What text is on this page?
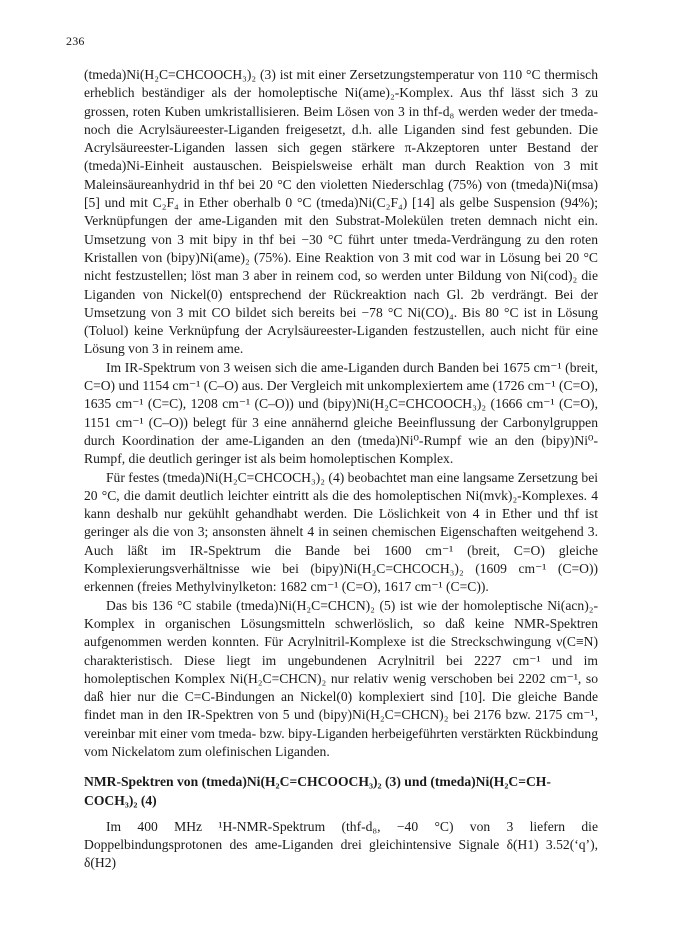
236

(tmeda)Ni(H₂C=CHCOOCH₃)₂ (3) ist mit einer Zersetzungstemperatur von 110 °C thermisch erheblich beständiger als der homoleptische Ni(ame)₂-Komplex. Aus thf lässt sich 3 zu grossen, roten Kuben umkristallisieren. Beim Lösen von 3 in thf-d₈ werden weder der tmeda- noch die Acrylsäureester-Liganden freigesetzt, d.h. alle Liganden sind fest gebunden. Die Acrylsäureester-Liganden lassen sich gegen stärkere π-Akzeptoren unter Bestand der (tmeda)Ni-Einheit austauschen. Beispielsweise erhält man durch Reaktion von 3 mit Maleinsäureanhydrid in thf bei 20 °C den violetten Niederschlag (75%) von (tmeda)Ni(msa) [5] und mit C₂F₄ in Ether oberhalb 0 °C (tmeda)Ni(C₂F₄) [14] als gelbe Suspension (94%); Verknüpfungen der ame-Liganden mit den Substrat-Molekülen treten demnach nicht ein. Umsetzung von 3 mit bipy in thf bei −30 °C führt unter tmeda-Verdrängung zu den roten Kristallen von (bipy)Ni(ame)₂ (75%). Eine Reaktion von 3 mit cod war in Lösung bei 20 °C nicht festzustellen; löst man 3 aber in reinem cod, so werden unter Bildung von Ni(cod)₂ die Liganden von Nickel(0) entsprechend der Rückreaktion nach Gl. 2b verdrängt. Bei der Umsetzung von 3 mit CO bildet sich bereits bei −78 °C Ni(CO)₄. Bis 80 °C ist in Lösung (Toluol) keine Verknüpfung der Acrylsäureester-Liganden festzustellen, auch nicht für eine Lösung von 3 in reinem ame.

Im IR-Spektrum von 3 weisen sich die ame-Liganden durch Banden bei 1675 cm⁻¹ (breit, C=O) und 1154 cm⁻¹ (C–O) aus. Der Vergleich mit unkomplexiertem ame (1726 cm⁻¹ (C=O), 1635 cm⁻¹ (C=C), 1208 cm⁻¹ (C–O)) und (bipy)Ni(H₂C=CHCOOCH₃)₂ (1666 cm⁻¹ (C=O), 1151 cm⁻¹ (C–O)) belegt für 3 eine annähernd gleiche Beeinflussung der Carbonylgruppen durch Koordination der ame-Liganden an den (tmeda)Ni⁰-Rumpf wie an den (bipy)Ni⁰-Rumpf, die deutlich geringer ist als beim homoleptischen Komplex.

Für festes (tmeda)Ni(H₂C=CHCOCH₃)₂ (4) beobachtet man eine langsame Zersetzung bei 20 °C, die damit deutlich leichter eintritt als die des homoleptischen Ni(mvk)₂-Komplexes. 4 kann deshalb nur gekühlt gehandhabt werden. Die Löslichkeit von 4 in Ether und thf ist geringer als die von 3; ansonsten ähnelt 4 in seinen chemischen Eigenschaften weitgehend 3. Auch läßt im IR-Spektrum die Bande bei 1600 cm⁻¹ (breit, C=O) gleiche Komplexierungsverhältnisse wie bei (bipy)Ni(H₂C=CHCOCH₃)₂ (1609 cm⁻¹ (C=O)) erkennen (freies Methylvinylketon: 1682 cm⁻¹ (C=O), 1617 cm⁻¹ (C=C)).

Das bis 136 °C stabile (tmeda)Ni(H₂C=CHCN)₂ (5) ist wie der homoleptische Ni(acn)₂-Komplex in organischen Lösungsmitteln schwerlöslich, so daß keine NMR-Spektren aufgenommen werden konnten. Für Acrylnitril-Komplexe ist die Streckschwingung ν(C≡N) charakteristisch. Diese liegt im ungebundenen Acrylnitril bei 2227 cm⁻¹ und im homoleptischen Komplex Ni(H₂C=CHCN)₂ nur relativ wenig verschoben bei 2202 cm⁻¹, so daß hier nur die C=C-Bindungen an Nickel(0) komplexiert sind [10]. Die gleiche Bande findet man in den IR-Spektren von 5 und (bipy)Ni(H₂C=CHCN)₂ bei 2176 bzw. 2175 cm⁻¹, vereinbar mit einer vom tmeda- bzw. bipy-Liganden herbeigeführten verstärkten Rückbindung vom Nickelatom zum olefinischen Liganden.

NMR-Spektren von (tmeda)Ni(H₂C=CHCOOCH₃)₂ (3) und (tmeda)Ni(H₂C=CH-COCH₃)₂ (4)

Im 400 MHz ¹H-NMR-Spektrum (thf-d₈, −40 °C) von 3 liefern die Doppelbindungsprotonen des ame-Liganden drei gleichintensive Signale δ(H1) 3.52(‘q’), δ(H2)
